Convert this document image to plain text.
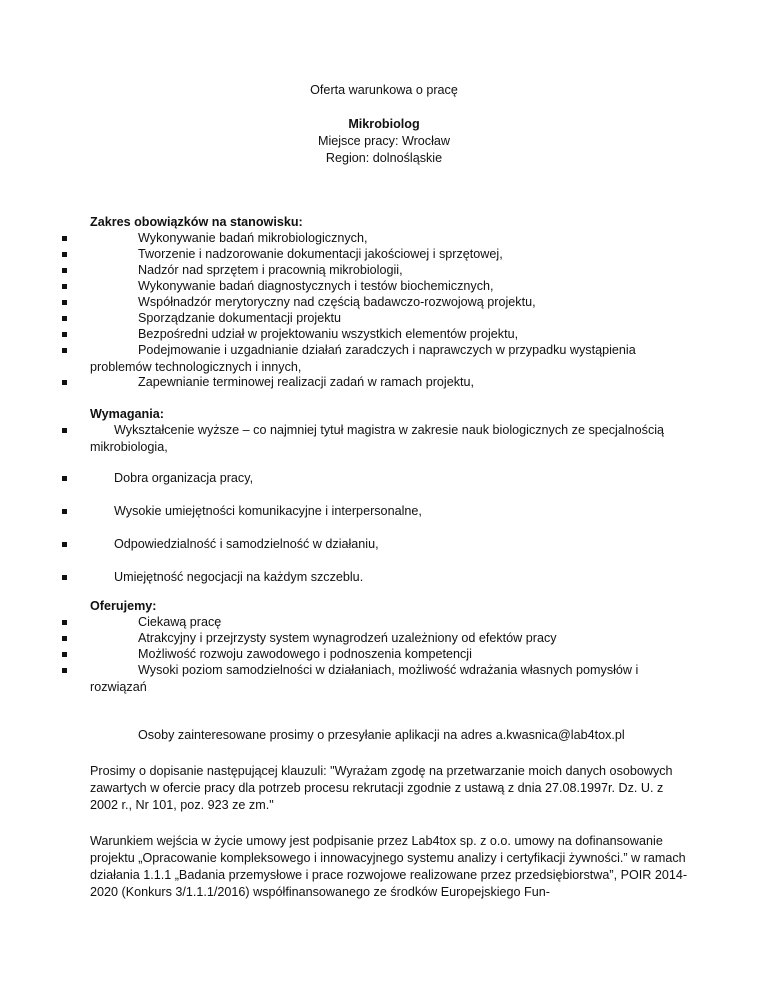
Oferta warunkowa o pracę
Mikrobiolog
Miejsce pracy: Wrocław
Region: dolnośląskie
Zakres obowiązków na stanowisku:
Wykonywanie badań mikrobiologicznych,
Tworzenie i nadzorowanie dokumentacji jakościowej i sprzętowej,
Nadzór nad sprzętem i pracownią mikrobiologii,
Wykonywanie badań diagnostycznych i testów biochemicznych,
Współnadzór merytoryczny nad częścią badawczo-rozwojową projektu,
Sporządzanie dokumentacji projektu
Bezpośredni udział w projektowaniu wszystkich elementów projektu,
Podejmowanie i uzgadnianie działań zaradczych i naprawczych w przypadku wystąpienia problemów technologicznych i innych,
Zapewnianie terminowej realizacji zadań w ramach projektu,
Wymagania:
Wykształcenie wyższe – co najmniej tytuł magistra w zakresie nauk biologicznych ze specjalnością mikrobiologia,
Dobra organizacja pracy,
Wysokie umiejętności komunikacyjne i interpersonalne,
Odpowiedzialność i samodzielność w działaniu,
Umiejętność negocjacji na każdym szczeblu.
Oferujemy:
Ciekawą pracę
Atrakcyjny i przejrzysty system wynagrodzeń uzależniony od efektów pracy
Możliwość rozwoju zawodowego i podnoszenia kompetencji
Wysoki poziom samodzielności w działaniach, możliwość wdrażania własnych pomysłów i rozwiązań
Osoby zainteresowane prosimy o przesyłanie aplikacji na adres a.kwasnica@lab4tox.pl
Prosimy o dopisanie następującej klauzuli: "Wyrażam zgodę na przetwarzanie moich danych osobowych zawartych w ofercie pracy dla potrzeb procesu rekrutacji zgodnie z ustawą z dnia 27.08.1997r. Dz. U. z 2002 r., Nr 101, poz. 923 ze zm."
Warunkiem wejścia w życie umowy jest podpisanie przez Lab4tox sp. z o.o. umowy na dofinansowanie projektu „Opracowanie kompleksowego i innowacyjnego systemu analizy i certyfikacji żywności.” w ramach działania 1.1.1 „Badania przemysłowe i prace rozwojowe realizowane przez przedsiębiorstwa”, POIR 2014-2020 (Konkurs 3/1.1.1/2016) współfinansowanego ze środków Europejskiego Fun-
